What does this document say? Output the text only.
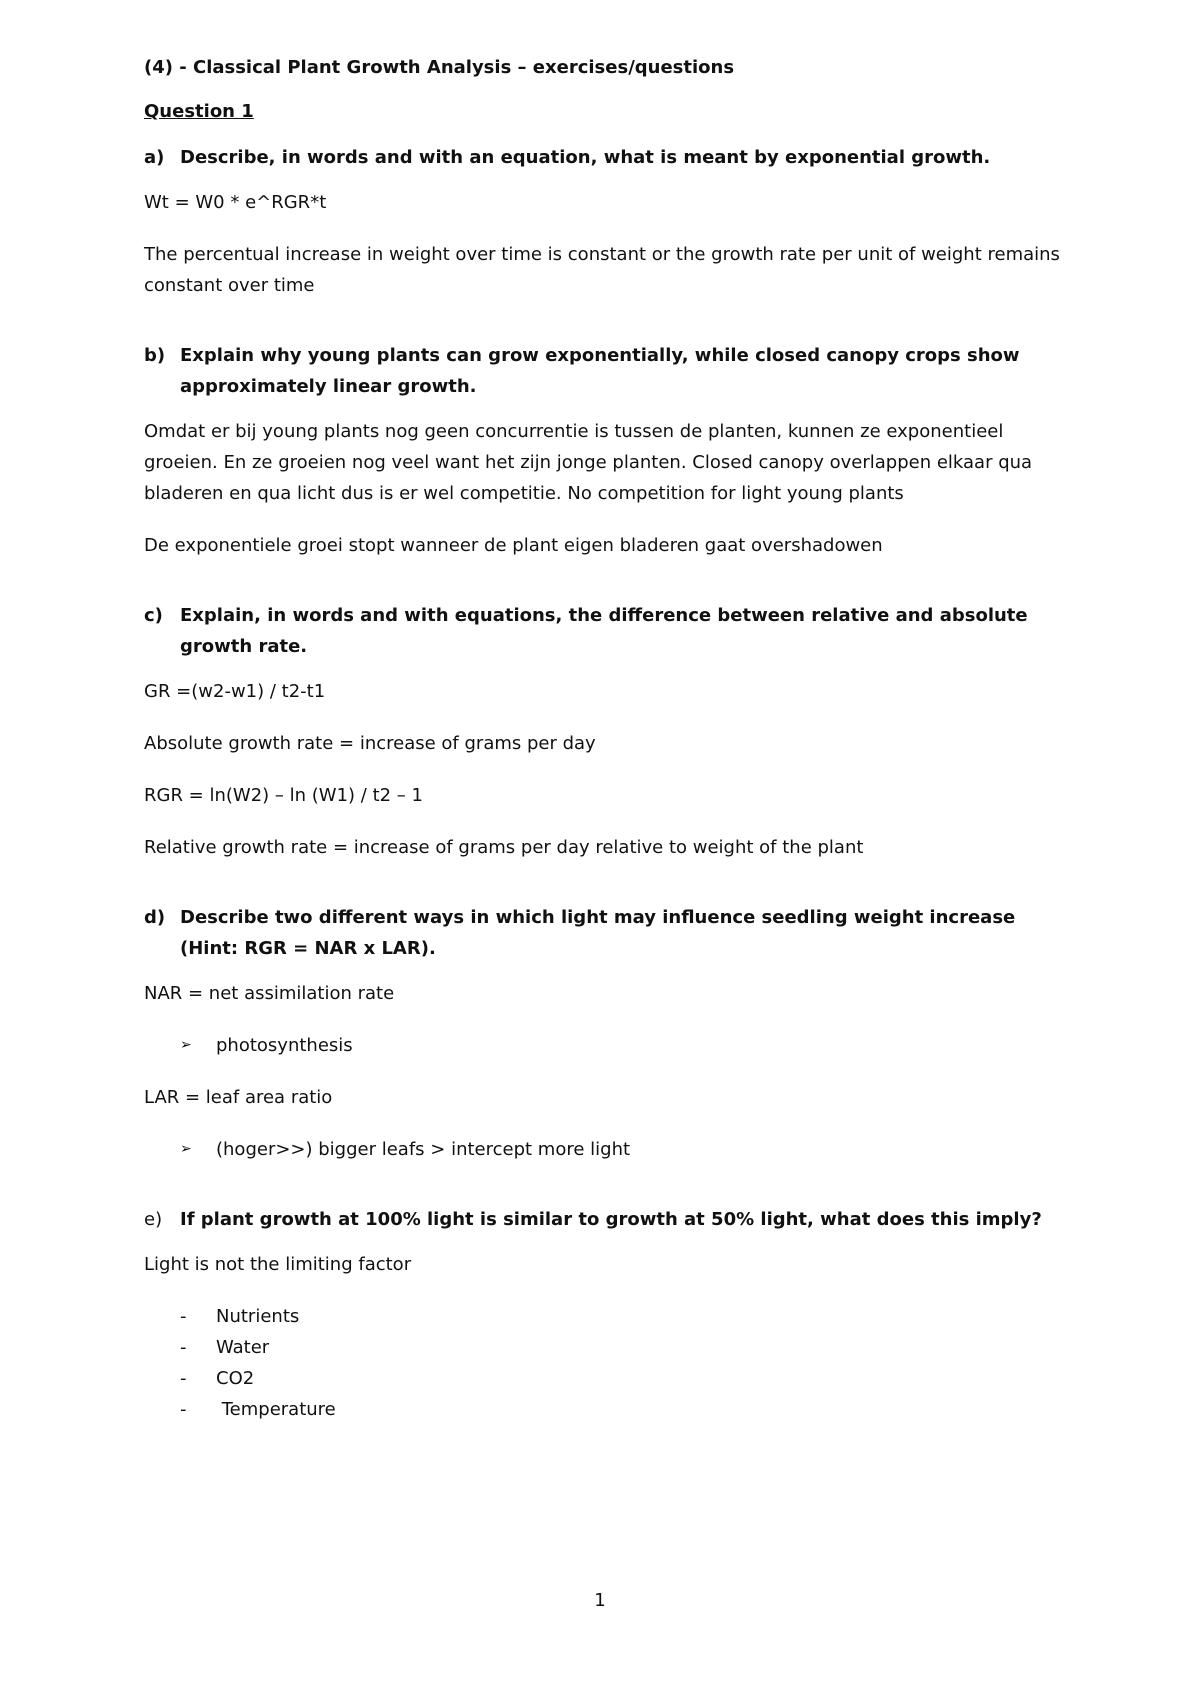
(4) - Classical Plant Growth Analysis – exercises/questions
Question 1
a) Describe, in words and with an equation, what is meant by exponential growth.

Wt = W0 * e^RGR*t

The percentual increase in weight over time is constant or the growth rate per unit of weight remains constant over time

b) Explain why young plants can grow exponentially, while closed canopy crops show approximately linear growth.

Omdat er bij young plants nog geen concurrentie is tussen de planten, kunnen ze exponentieel groeien. En ze groeien nog veel want het zijn jonge planten. Closed canopy overlappen elkaar qua bladeren en qua licht dus is er wel competitie. No competition for light young plants

De exponentiele groei stopt wanneer de plant eigen bladeren gaat overshadowen

c) Explain, in words and with equations, the difference between relative and absolute growth rate.

GR =(w2-w1) / t2-t1

Absolute growth rate = increase of grams per day

RGR = ln(W2) – ln (W1) / t2 – 1

Relative growth rate = increase of grams per day relative to weight of the plant

d) Describe two different ways in which light may influence seedling weight increase (Hint: RGR = NAR x LAR).

NAR = net assimilation rate

➢	photosynthesis

LAR = leaf area ratio

➢	(hoger>>) bigger leafs > intercept more light
e) If plant growth at 100% light is similar to growth at 50% light, what does this imply?

Light is not the limiting factor

-	Nutrients
-	Water
-	CO2
-	Temperature
1
